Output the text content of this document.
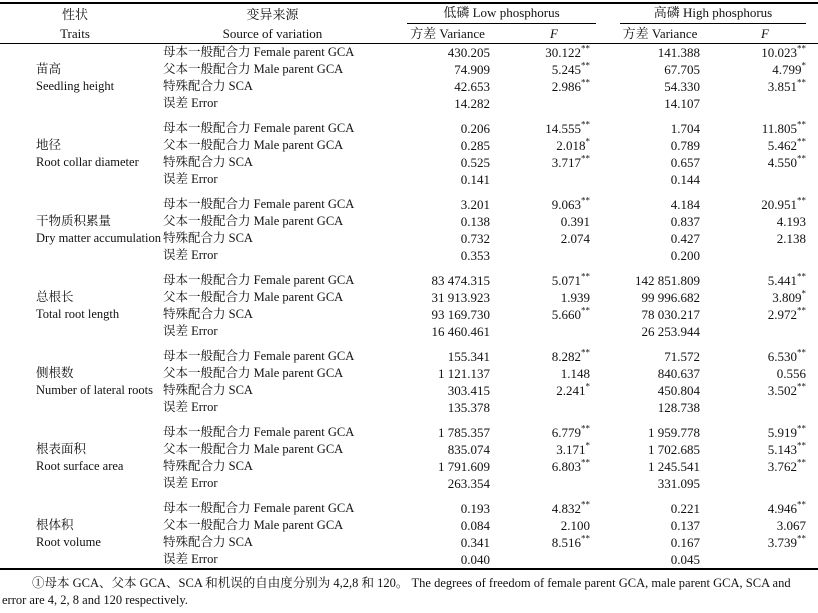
性状
Traits

变异来源
Source of variation

低磷 Low phosphorus	高磷 High phosphorus

		方差 Variance	F	方差 Variance	F

苗高
Seedling height	母本一般配合力 Female parent GCA	430.205	30.122**	141.388	10.023**
	父本一般配合力 Male parent GCA	74.909	5.245**	67.705	4.799*
	特殊配合力 SCA	42.653	2.986**	54.330	3.851**
	误差 Error	14.282		14.107	

地径
Root collar diameter	母本一般配合力 Female parent GCA	0.206	14.555**	1.704	11.805**
	父本一般配合力 Male parent GCA	0.285	2.018*	0.789	5.462**
	特殊配合力 SCA	0.525	3.717**	0.657	4.550**
	误差 Error	0.141		0.144	

干物质积累量
Dry matter accumulation	母本一般配合力 Female parent GCA	3.201	9.063**	4.184	20.951**
	父本一般配合力 Male parent GCA	0.138	0.391	0.837	4.193
	特殊配合力 SCA	0.732	2.074	0.427	2.138
	误差 Error	0.353		0.200	

总根长
Total root length	母本一般配合力 Female parent GCA	83 474.315	5.071**	142 851.809	5.441**
	父本一般配合力 Male parent GCA	31 913.923	1.939	99 996.682	3.809*
	特殊配合力 SCA	93 169.730	5.660**	78 030.217	2.972**
	误差 Error	16 460.461		26 253.944	

侧根数
Number of lateral roots	母本一般配合力 Female parent GCA	155.341	8.282**	71.572	6.530**
	父本一般配合力 Male parent GCA	1 121.137	1.148	840.637	0.556
	特殊配合力 SCA	303.415	2.241*	450.804	3.502**
	误差 Error	135.378		128.738	

根表面积
Root surface area	母本一般配合力 Female parent GCA	1 785.357	6.779**	1 959.778	5.919**
	父本一般配合力 Male parent GCA	835.074	3.171*	1 702.685	5.143**
	特殊配合力 SCA	1 791.609	6.803**	1 245.541	3.762**
	误差 Error	263.354		331.095	

根体积
Root volume	母本一般配合力 Female parent GCA	0.193	4.832**	0.221	4.946**
	父本一般配合力 Male parent GCA	0.084	2.100	0.137	3.067
	特殊配合力 SCA	0.341	8.516**	0.167	3.739**
	误差 Error	0.040		0.045	

①母本 GCA、父本 GCA、SCA 和机误的自由度分别为 4,2,8 和 120。 The degrees of freedom of female parent GCA, male parent GCA, SCA and error are 4, 2, 8 and 120 respectively.
